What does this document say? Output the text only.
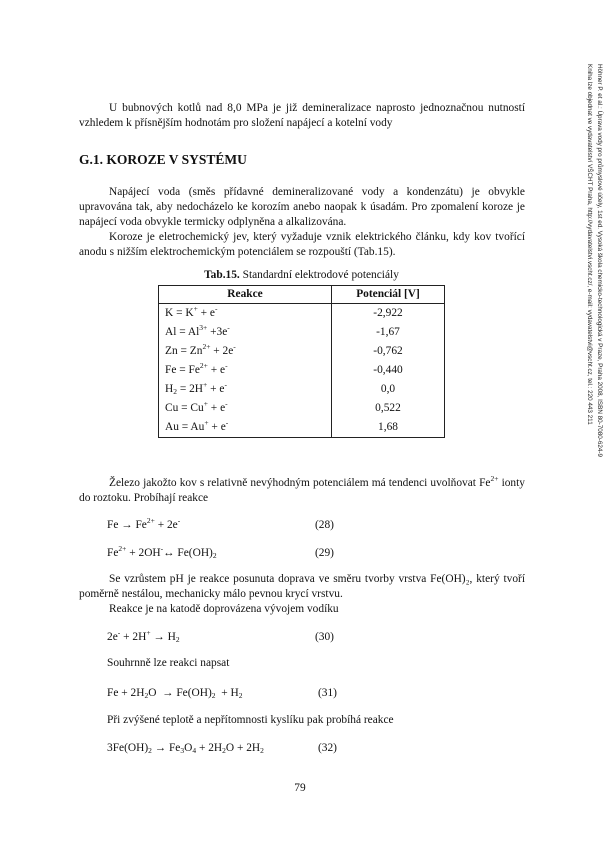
Höhner P. et al.: Úprava vody pro průmyslové účely, 1st ed. Vysoká škola chemicko-technologická v Praze, Praha 2008, ISBN 80-7080-624-9
Kniha lze objednat ve vydavatelství VŠCHT Praha, http://vydavatelstvi.vscht.cz/, e-mail: vydavatelstvi@vscht.cz, tel.: 220 443 211
U bubnových kotlů nad 8,0 MPa je již demineralizace naprosto jednoznačnou nutností vzhledem k přísnějším hodnotám pro složení napájecí a kotelní vody
G.1. KOROZE V SYSTÉMU
Napájecí voda (směs přídavné demineralizované vody a kondenzátu) je obvykle upravována tak, aby nedocházelo ke korozím anebo naopak k úsadám. Pro zpomalení koroze je napájecí voda obvykle termicky odplyněna a alkalizována.
Koroze je eletrochemický jev, který vyžaduje vznik elektrického článku, kdy kov tvořící anodu s nižším elektrochemickým potenciálem se rozpouští (Tab.15).
Tab.15. Standardní elektrodové potenciály
Reakce	Potenciál [V]
K = K+ + e-	-2,922
$Al = Al^{3+} +3e^-$	-1,67
$Zn = Zn^{2+} + 2e^-$	-0,762
$Fe = Fe^{2+} + e^-$	-0,440
$H_2 = 2H^+ + e^-$	0,0
Cu = Cu+ + e-	0,522
Au = Au+ + e-	1,68
Železo jakožto kov s relativně nevýhodným potenciálem má tendenci uvolňovat $Fe^{2+}$ ionty do roztoku. Probíhají reakce
$Fe \to Fe^{2+} + 2e^-$	(28)
$Fe^{2+}$ + 2OH-↔ $Fe(OH)_2$	(29)
Se vzrůstem pH je reakce posunuta doprava ve směru tvorby vrstva Fe(OH)₂, který tvoří poměrně nestálou, mechanicky málo pevnou krycí vrstvu.
Reakce je na katodě doprovázena vývojem vodíku
$2e^- + 2H^+ \to H_2$	(30)
Souhrnně lze reakci napsat
$Fe + 2H_2O \to Fe(OH)_2 + H_2$	(31)
Při zvýšené teplotě a nepřítomnosti kyslíku pak probíhá reakce
$3Fe(OH)_2 \to Fe_3O_4 + 2H_2O + 2H_2$	(32)
79
